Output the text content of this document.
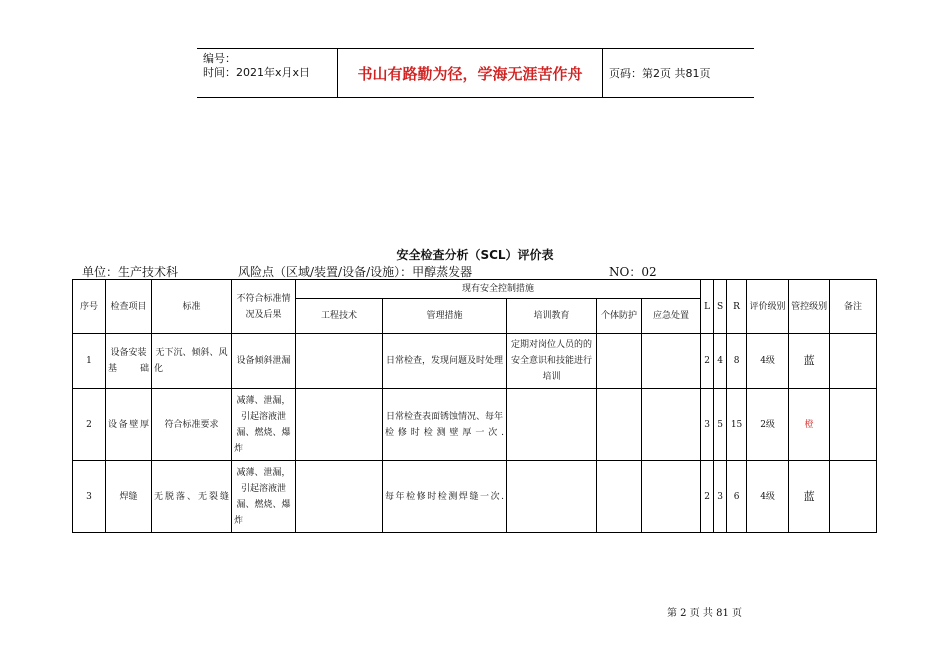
编号：
时间：2021年x月x日	书山有路勤为径，学海无涯苦作舟	页码：第2页 共81页
安全检查分析（SCL）评价表
单位：生产技术科	风险点（区域/装置/设备/设施）：甲醇蒸发器	NO：02
序号	检查项目	标准	不符合标准情况及后果	现有安全控制措施					L	S	R	评价级别	管控级别	备注
				工程技术	管理措施	培训教育	个体防护	应急处置						
1	设备安装基础	无下沉、倾斜、风化	设备倾斜泄漏		日常检查，发现问题及时处理	定期对岗位人员的的安全意识和技能进行培训			2	4	8	4级	蓝	
2	设备壁厚	符合标准要求	减薄、泄漏，引起溶液泄漏、燃烧、爆炸		日常检查表面锈蚀情况、每年检修时检测壁厚一次.				3	5	15	2级	橙	
3	焊缝	无脱落、无裂缝	减薄、泄漏，引起溶液泄漏、燃烧、爆炸		每年检修时检测焊缝一次.				2	3	6	4级	蓝	
第 2 页 共 81 页
